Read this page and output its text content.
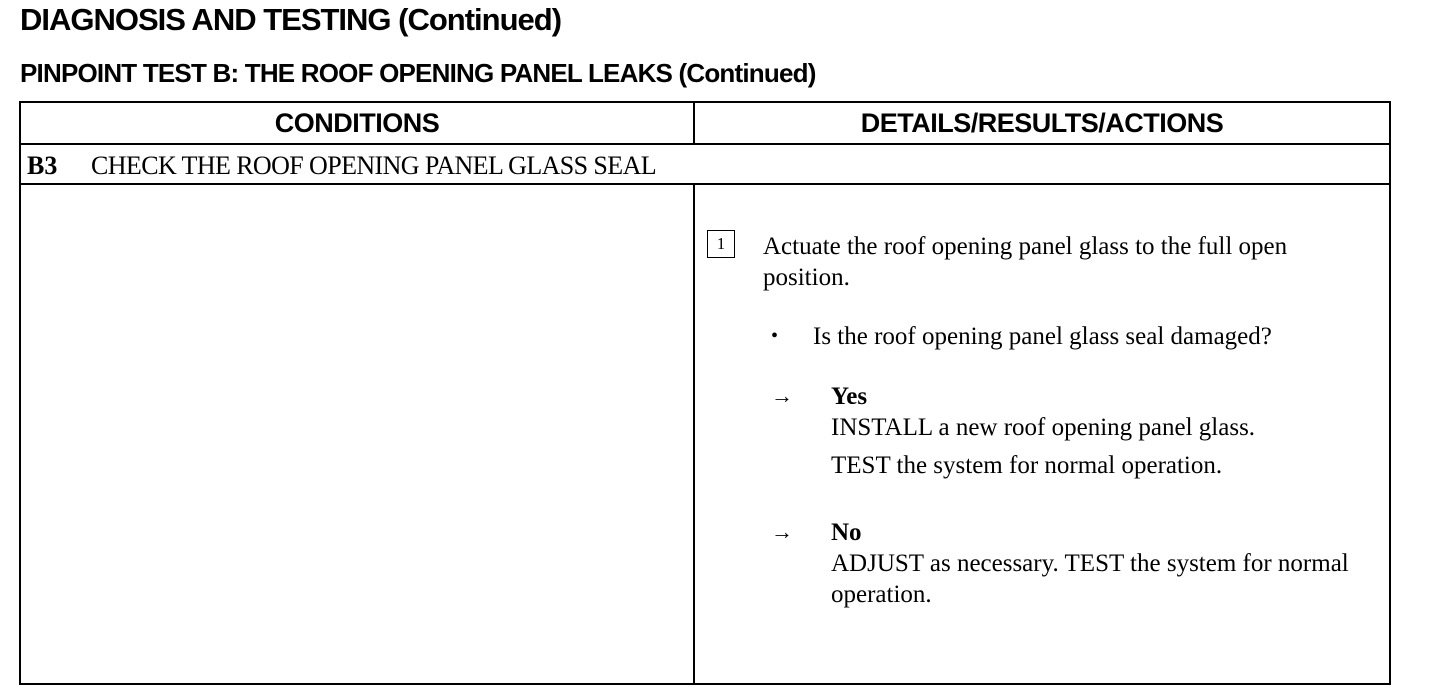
DIAGNOSIS AND TESTING (Continued)
PINPOINT TEST B: THE ROOF OPENING PANEL LEAKS (Continued)
CONDITIONS	DETAILS/RESULTS/ACTIONS
B3 CHECK THE ROOF OPENING PANEL GLASS SEAL
1	Actuate the roof opening panel glass to the full open position.
• Is the roof opening panel glass seal damaged?
→ Yes
INSTALL a new roof opening panel glass.
TEST the system for normal operation.
→ No
ADJUST as necessary. TEST the system for normal operation.
